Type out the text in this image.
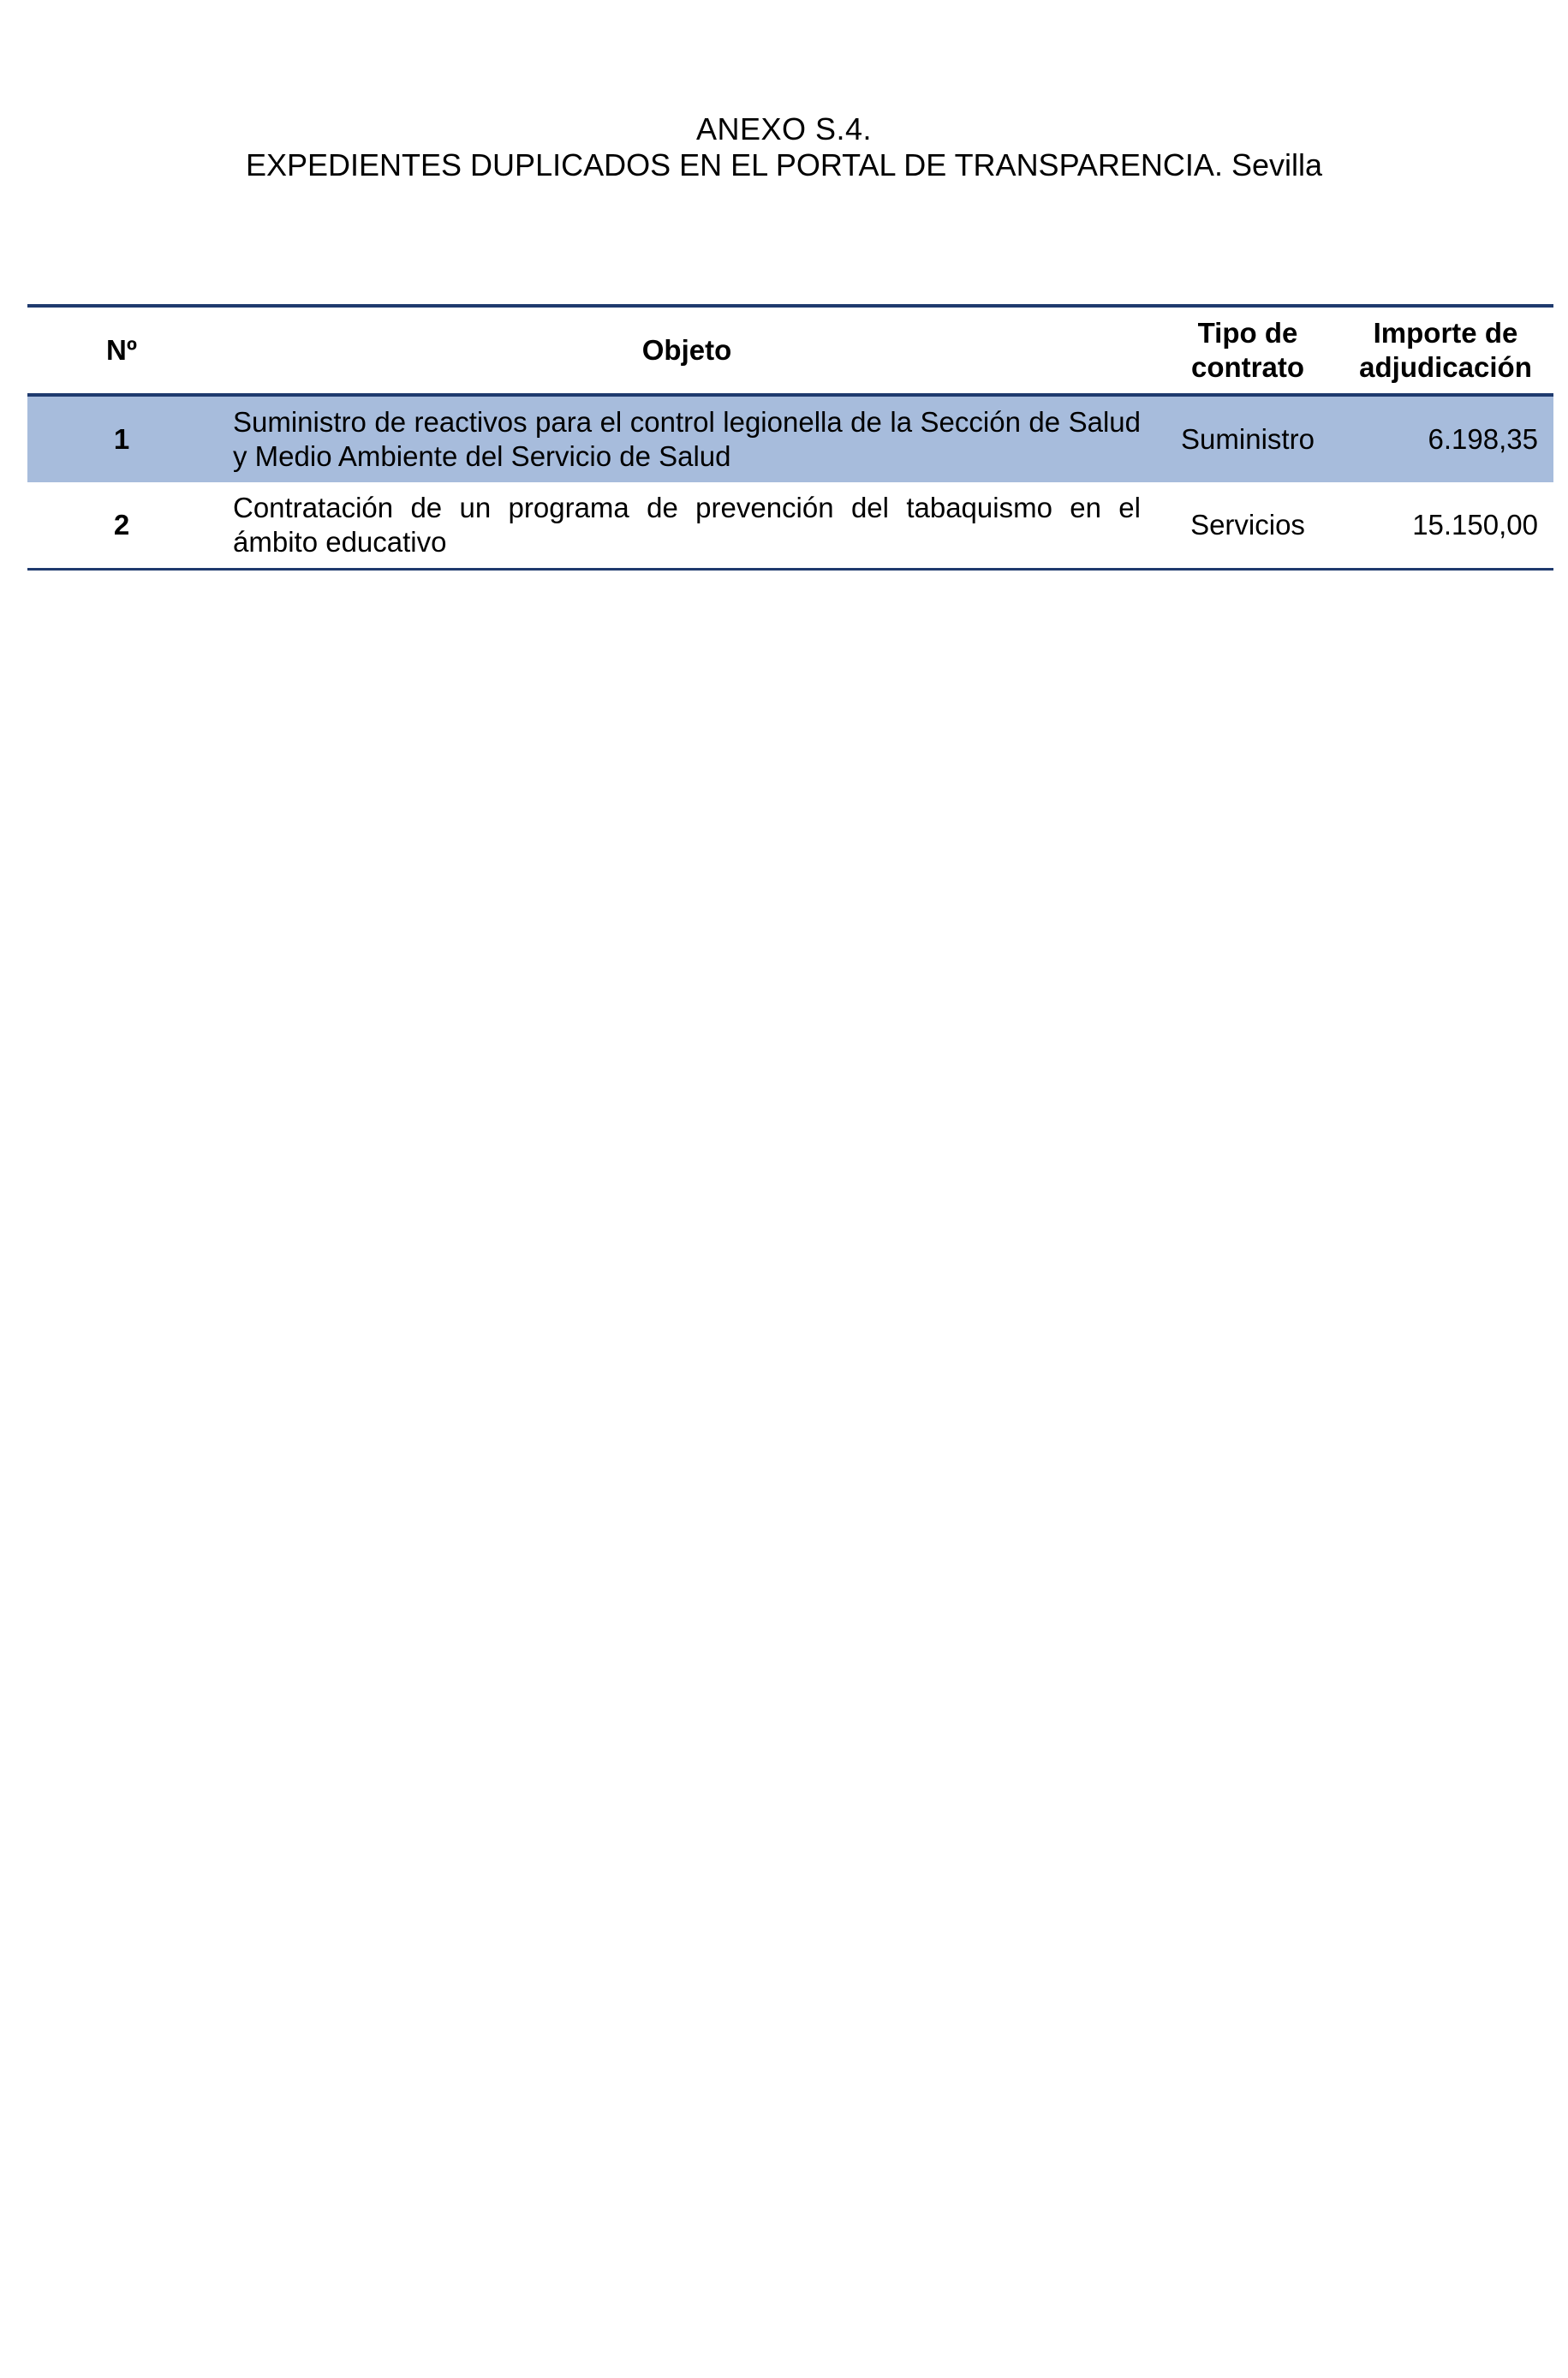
ANEXO S.4.
EXPEDIENTES DUPLICADOS EN EL PORTAL DE TRANSPARENCIA. Sevilla
Nº	Objeto	Tipo de contrato	Importe de adjudicación
1	Suministro de reactivos para el control legionella de la Sección de Salud y Medio Ambiente del Servicio de Salud	Suministro	6.198,35
2	Contratación de un programa de prevención del tabaquismo en el ámbito educativo	Servicios	15.150,00
